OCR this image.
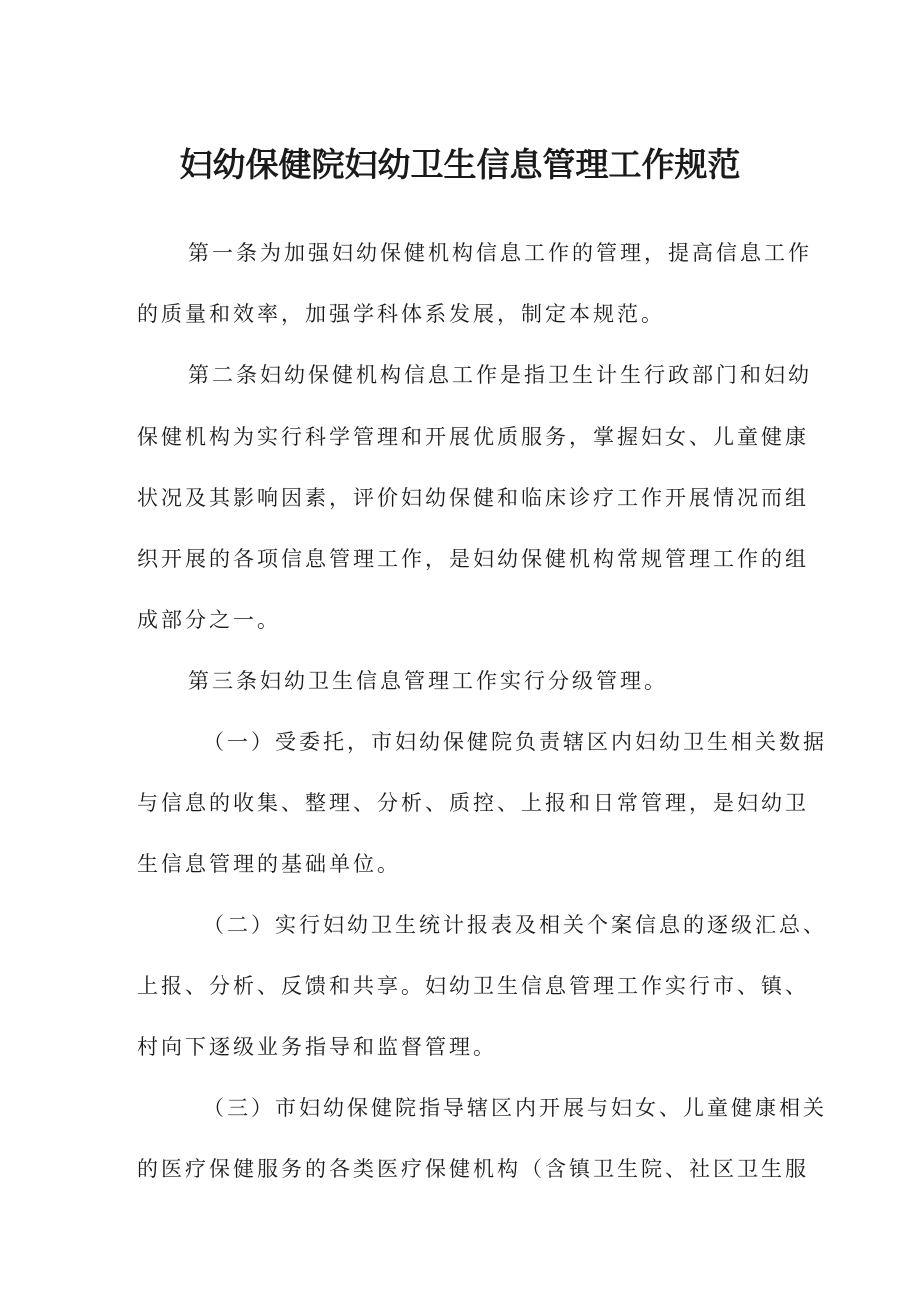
妇幼保健院妇幼卫生信息管理工作规范

第一条为加强妇幼保健机构信息工作的管理，提高信息工作

的质量和效率，加强学科体系发展，制定本规范。

第二条妇幼保健机构信息工作是指卫生计生行政部门和妇幼

保健机构为实行科学管理和开展优质服务，掌握妇女、儿童健康

状况及其影响因素，评价妇幼保健和临床诊疗工作开展情况而组

织开展的各项信息管理工作，是妇幼保健机构常规管理工作的组

成部分之一。

第三条妇幼卫生信息管理工作实行分级管理。

（一）受委托，市妇幼保健院负责辖区内妇幼卫生相关数据

与信息的收集、整理、分析、质控、上报和日常管理，是妇幼卫

生信息管理的基础单位。

（二）实行妇幼卫生统计报表及相关个案信息的逐级汇总、

上报、分析、反馈和共享。妇幼卫生信息管理工作实行市、镇、

村向下逐级业务指导和监督管理。

（三）市妇幼保健院指导辖区内开展与妇女、儿童健康相关

的医疗保健服务的各类医疗保健机构（含镇卫生院、社区卫生服
